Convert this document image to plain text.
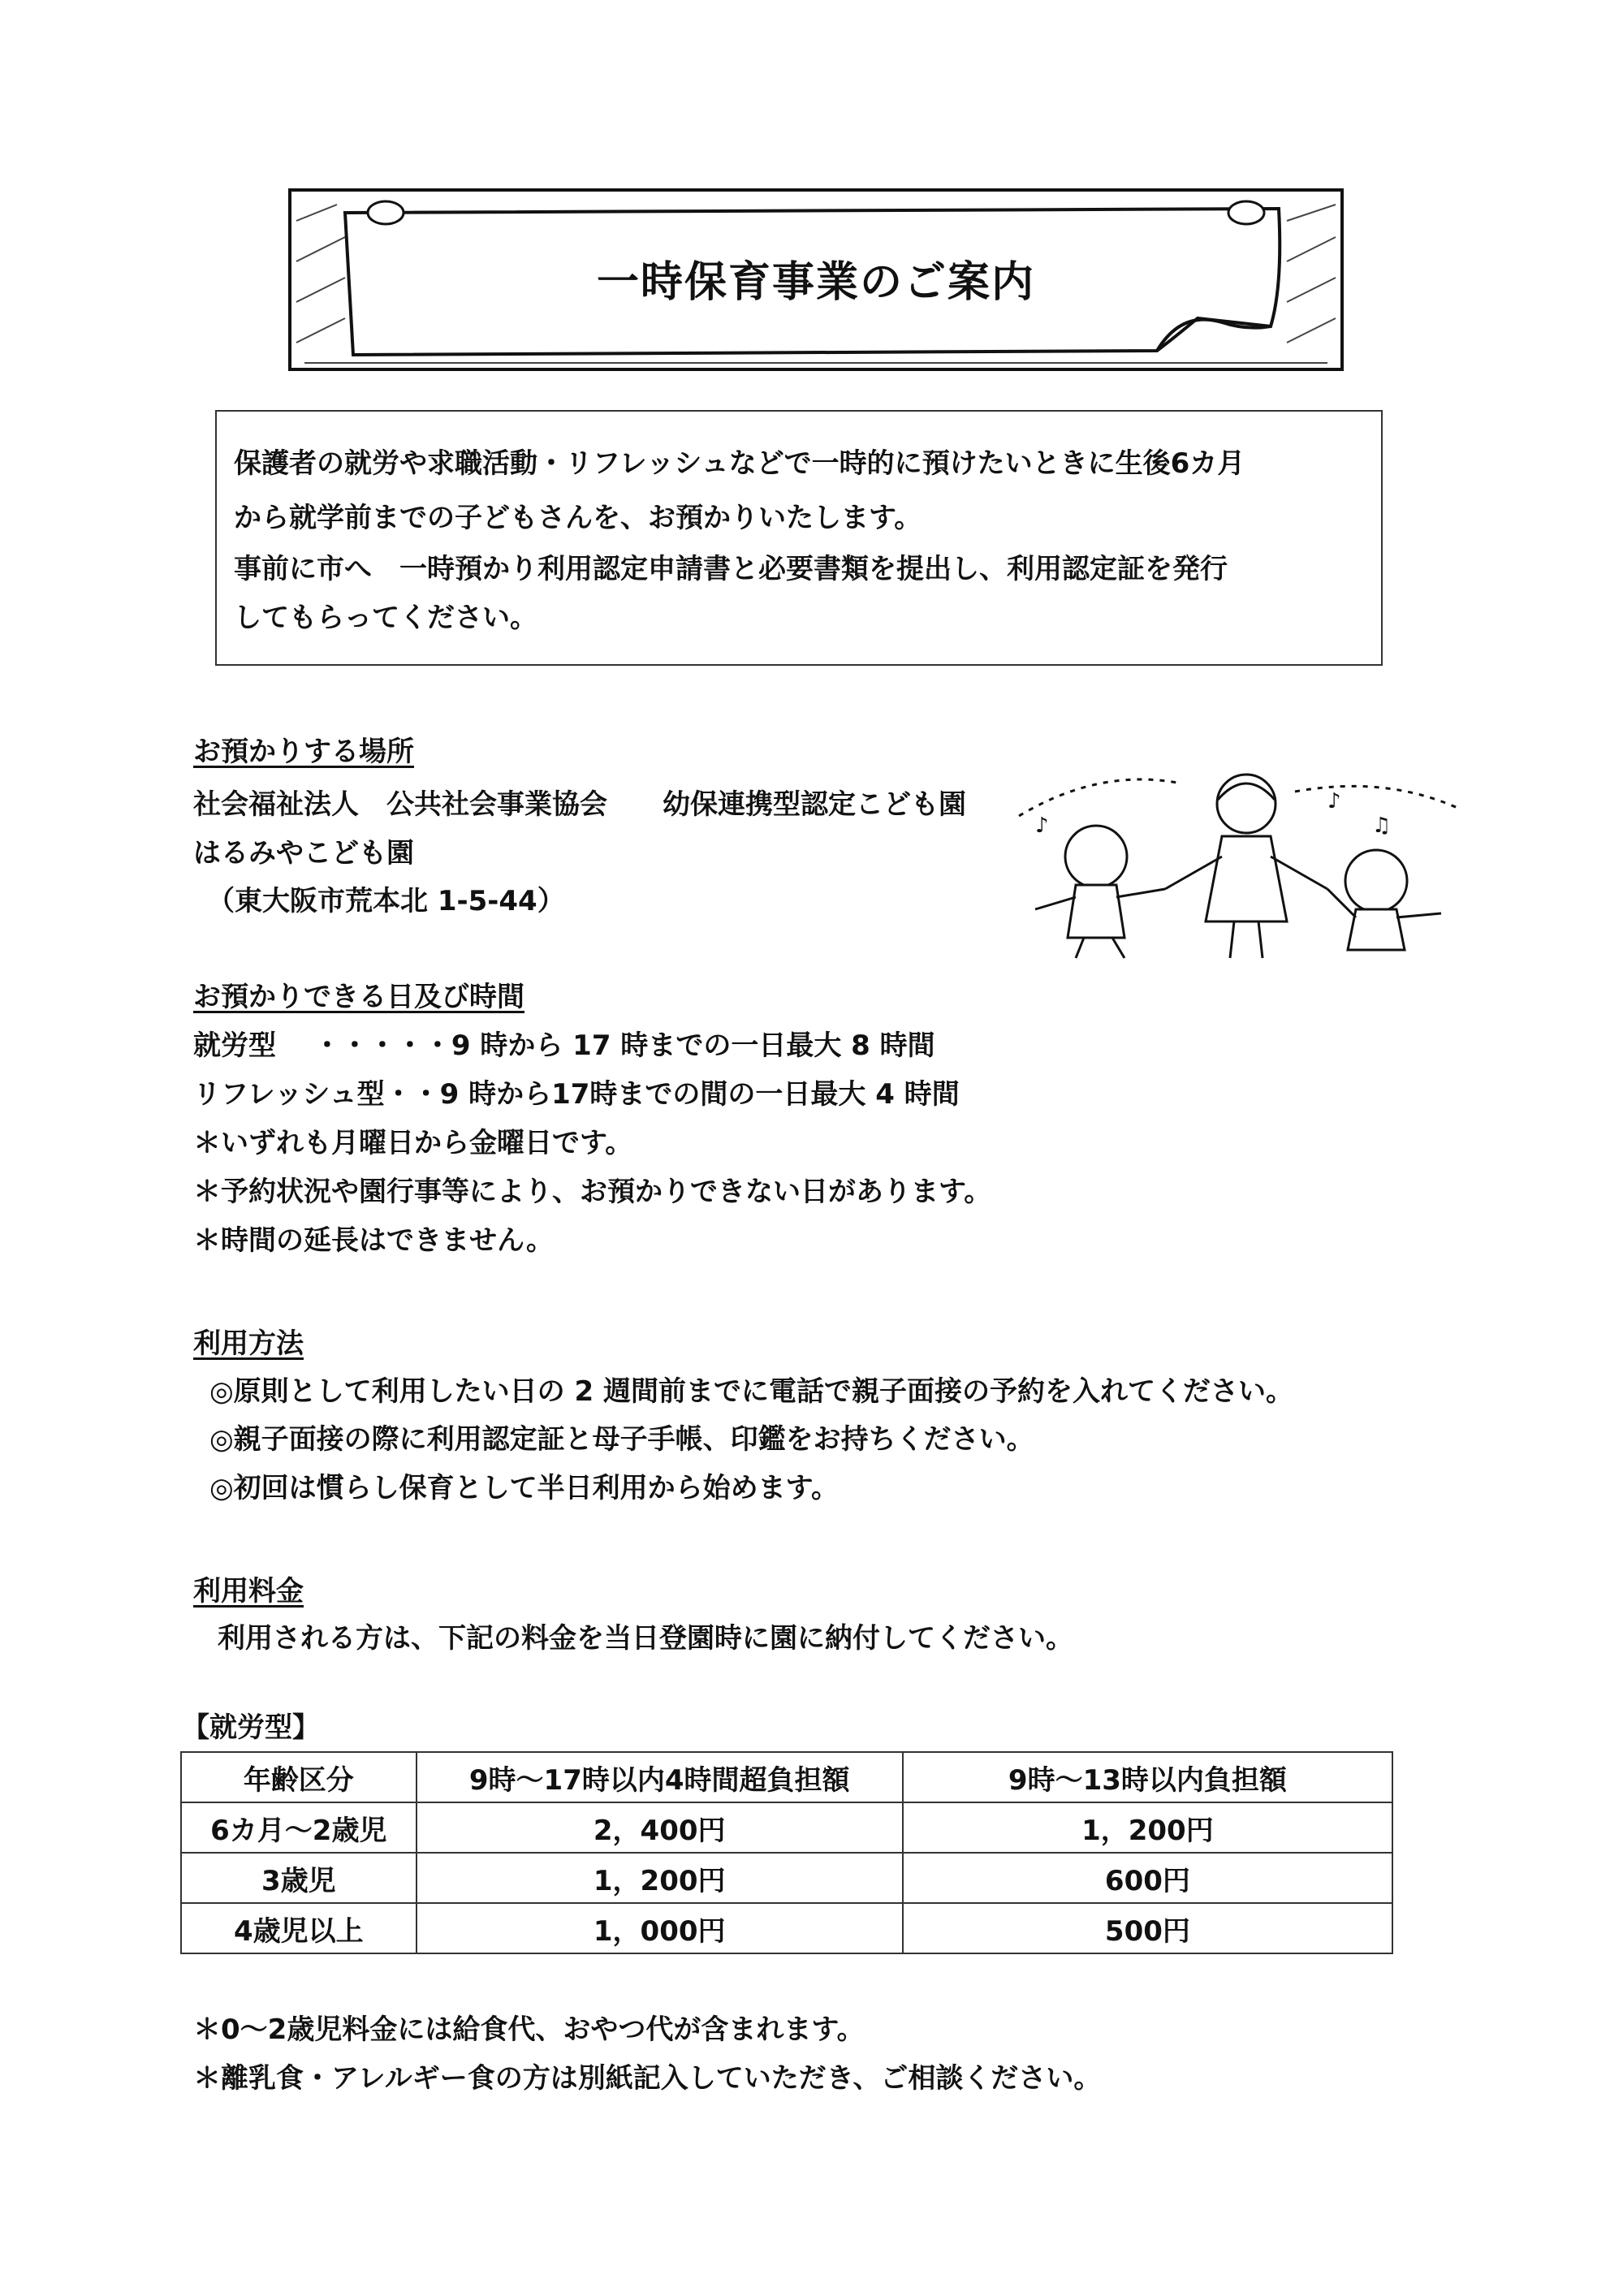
一時保育事業のご案内
保護者の就労や求職活動・リフレッシュなどで一時的に預けたいときに生後6カ月
から就学前までの子どもさんを、お預かりいたします。
事前に市へ　一時預かり利用認定申請書と必要書類を提出し、利用認定証を発行
してもらってください。
お預かりする場所
社会福祉法人　公共社会事業協会　　幼保連携型認定こども園
はるみやこども園
　（東大阪市荒本北 1-5-44）
♪
♪
♫
お預かりできる日及び時間
就労型　 ・・・・・9 時から 17 時までの一日最大 8 時間
リフレッシュ型・・9 時から17時までの間の一日最大 4 時間
＊いずれも月曜日から金曜日です。
＊予約状況や園行事等により、お預かりできない日があります。
＊時間の延長はできません。
利用方法
◎原則として利用したい日の 2 週間前までに電話で親子面接の予約を入れてください。
◎親子面接の際に利用認定証と母子手帳、印鑑をお持ちください。
◎初回は慣らし保育として半日利用から始めます。
利用料金
利用される方は、下記の料金を当日登園時に園に納付してください。
【就労型】
年齢区分	9時～17時以内4時間超負担額	9時～13時以内負担額
6カ月～2歳児	2，400円	1，200円
3歳児	1，200円	600円
4歳児以上	1，000円	500円
＊0～2歳児料金には給食代、おやつ代が含まれます。
＊離乳食・アレルギー食の方は別紙記入していただき、ご相談ください。
